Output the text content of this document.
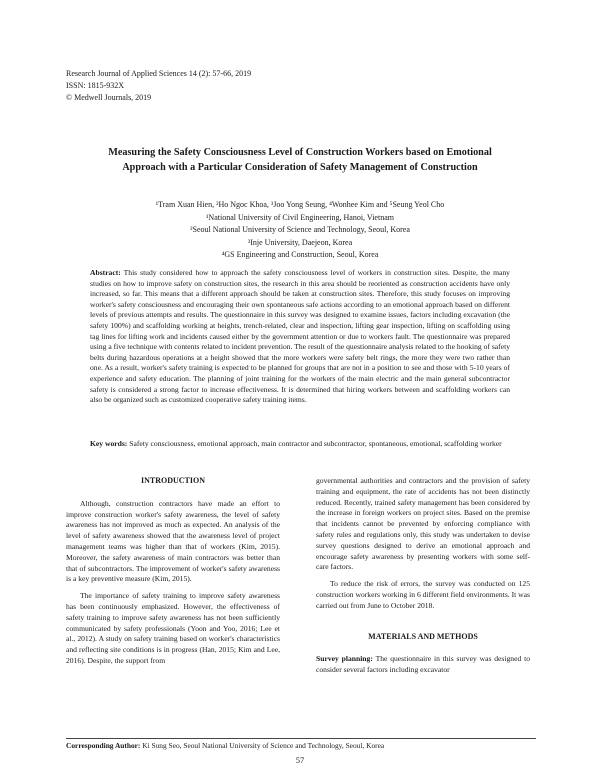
Research Journal of Applied Sciences 14 (2): 57-66, 2019
ISSN: 1815-932X
© Medwell Journals, 2019
Measuring the Safety Consciousness Level of Construction Workers based on Emotional Approach with a Particular Consideration of Safety Management of Construction
¹Tram Xuan Hien, ²Ho Ngoc Khoa, ³Joo Yong Seung, ⁴Wonhee Kim and ⁵Seung Yeol Cho
¹National University of Civil Engineering, Hanoi, Vietnam
²Seoul National University of Science and Technology, Seoul, Korea
³Inje University, Daejeon, Korea
⁴GS Engineering and Construction, Seoul, Korea
Abstract: This study considered how to approach the safety consciousness level of workers in construction sites. Despite, the many studies on how to improve safety on construction sites, the research in this area should be reoriented as construction accidents have only increased, so far. This means that a different approach should be taken at construction sites. Therefore, this study focuses on improving worker's safety consciousness and encouraging their own spontaneous safe actions according to an emotional approach based on different levels of previous attempts and results. The questionnaire in this survey was designed to examine issues, factors including excavation (the safety 100%) and scaffolding working at heights, trench-related, clear and inspection, lifting gear inspection, lifting on scaffolding using tag lines for lifting work and incidents caused either by the government attention or due to workers fault. The questionnaire was prepared using a five technique with contents related to incident prevention. The result of the questionnaire analysis related to the hooking of safety belts during hazardous operations at a height showed that the more workers were safety belt rings, the more they were two rather than one. As a result, worker's safety training is expected to be planned for groups that are not in a position to see and those with 5-10 years of experience and safety education. The planning of joint training for the workers of the main electric and the main general subcontractor safety is considered a strong factor to increase effectiveness. It is determined that hiring workers between and scaffolding workers can also be organized such as customized cooperative safety training items.
Key words: Safety consciousness, emotional approach, main contractor and subcontractor, spontaneous, emotional, scaffolding worker
INTRODUCTION

Although, construction contractors have made an effort to improve construction worker's safety awareness, the level of safety awareness has not improved as much as expected. An analysis of the level of safety awareness showed that the awareness level of project management teams was higher than that of workers (Kim, 2015). Moreover, the safety awareness of main contractors was better than that of subcontractors. The improvement of worker's safety awareness is a key preventive measure (Kim, 2015).

The importance of safety training to improve safety awareness has been continuously emphasized. However, the effectiveness of safety training to improve safety awareness has not been sufficiently communicated by safety professionals (Yoon and Yoo, 2016; Lee et al., 2012). A study on safety training based on worker's characteristics and reflecting site conditions is in progress (Han, 2015; Kim and Lee, 2016). Despite, the support from

governmental authorities and contractors and the provision of safety training and equipment, the rate of accidents has not been distinctly reduced. Recently, trained safety management has been considered by the increase in foreign workers on project sites. Based on the premise that incidents cannot be prevented by enforcing compliance with safety rules and regulations only, this study was undertaken to devise survey questions designed to derive an emotional approach and encourage safety awareness by presenting workers with some self-care factors.

To reduce the risk of errors, the survey was conducted on 125 construction workers working in 6 different field environments. It was carried out from June to October 2018.

MATERIALS AND METHODS

Survey planning: The questionnaire in this survey was designed to consider several factors including excavator

Corresponding Author: Ki Sung Seo, Seoul National University of Science and Technology, Seoul, Korea
57
